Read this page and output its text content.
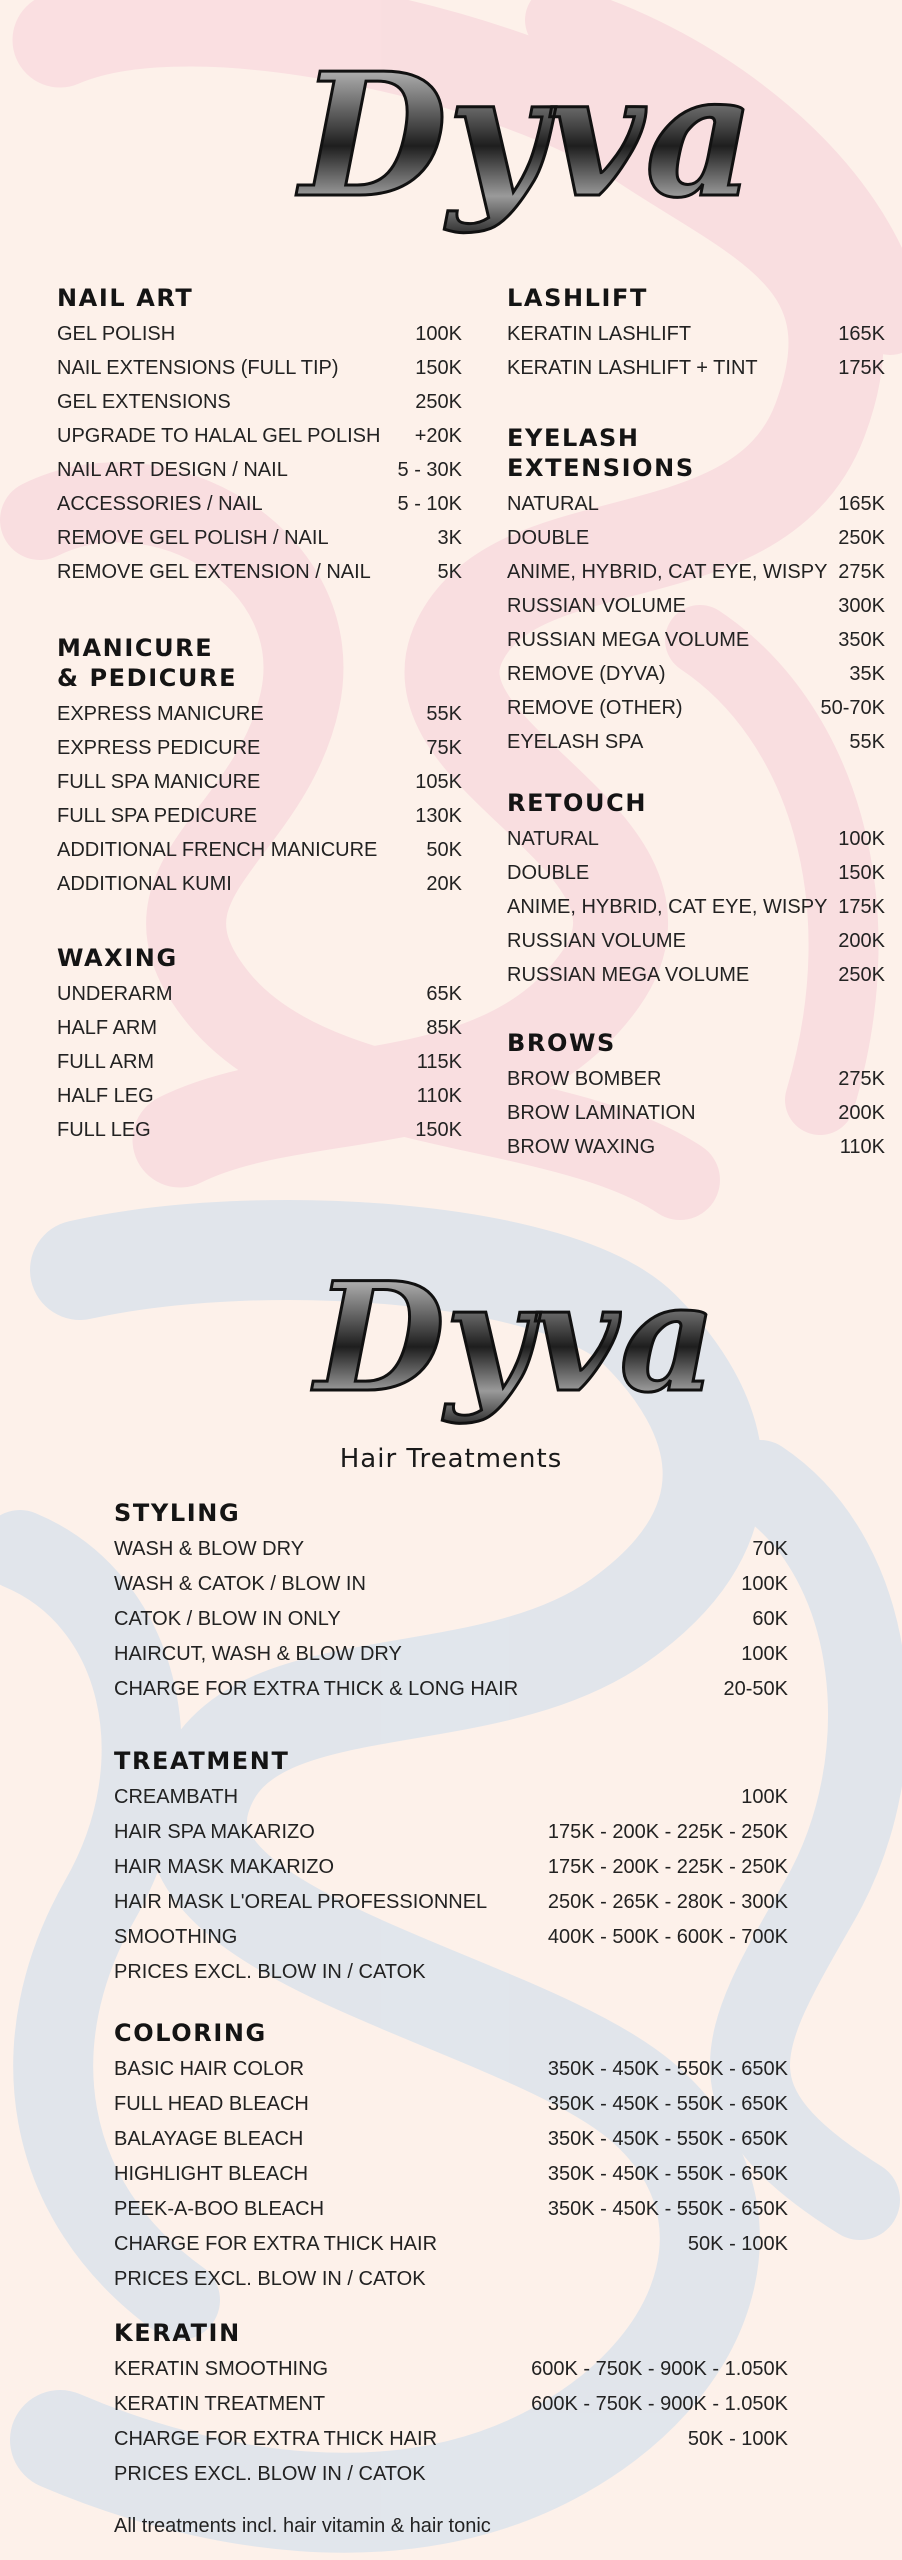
Dyva
NAIL ART
GEL POLISH	100K
NAIL EXTENSIONS (FULL TIP)	150K
GEL EXTENSIONS	250K
UPGRADE TO HALAL GEL POLISH +20K
NAIL ART DESIGN / NAIL	5 - 30K
ACCESSORIES / NAIL	5 - 10K
REMOVE GEL POLISH / NAIL	3K
REMOVE GEL EXTENSION / NAIL	5K
MANICURE
& PEDICURE
EXPRESS MANICURE	55K
EXPRESS PEDICURE	75K
FULL SPA MANICURE	105K
FULL SPA PEDICURE	130K
ADDITIONAL FRENCH MANICURE 50K
ADDITIONAL KUMI	20K
WAXING
UNDERARM	65K
HALF ARM	85K
FULL ARM	115K
HALF LEG	110K
FULL LEG	150K
LASHLIFT
KERATIN LASHLIFT	165K
KERATIN LASHLIFT + TINT	175K
EYELASH
EXTENSIONS
NATURAL	165K
DOUBLE	250K
ANIME, HYBRID, CAT EYE, WISPY 275K
RUSSIAN VOLUME	300K
RUSSIAN MEGA VOLUME	350K
REMOVE (DYVA)	35K
REMOVE (OTHER)	50-70K
EYELASH SPA	55K
RETOUCH
NATURAL	100K
DOUBLE	150K
ANIME, HYBRID, CAT EYE, WISPY 175K
RUSSIAN VOLUME	200K
RUSSIAN MEGA VOLUME	250K
BROWS
BROW BOMBER	275K
BROW LAMINATION	200K
BROW WAXING	110K
Dyva
Hair Treatments
STYLING
WASH & BLOW DRY	70K
WASH & CATOK / BLOW IN	100K
CATOK / BLOW IN ONLY	60K
HAIRCUT, WASH & BLOW DRY	100K
CHARGE FOR EXTRA THICK & LONG HAIR	20-50K
TREATMENT
CREAMBATH	100K
HAIR SPA MAKARIZO	175K - 200K - 225K - 250K
HAIR MASK MAKARIZO	175K - 200K - 225K - 250K
HAIR MASK L'OREAL PROFESSIONNEL	250K - 265K - 280K - 300K
SMOOTHING	400K - 500K - 600K - 700K
PRICES EXCL. BLOW IN / CATOK
COLORING
BASIC HAIR COLOR	350K - 450K - 550K - 650K
FULL HEAD BLEACH	350K - 450K - 550K - 650K
BALAYAGE BLEACH	350K - 450K - 550K - 650K
HIGHLIGHT BLEACH	350K - 450K - 550K - 650K
PEEK-A-BOO BLEACH	350K - 450K - 550K - 650K
CHARGE FOR EXTRA THICK HAIR	50K - 100K
PRICES EXCL. BLOW IN / CATOK
KERATIN
KERATIN SMOOTHING	600K - 750K - 900K - 1.050K
KERATIN TREATMENT	600K - 750K - 900K - 1.050K
CHARGE FOR EXTRA THICK HAIR	50K - 100K
PRICES EXCL. BLOW IN / CATOK
All treatments incl. hair vitamin & hair tonic
